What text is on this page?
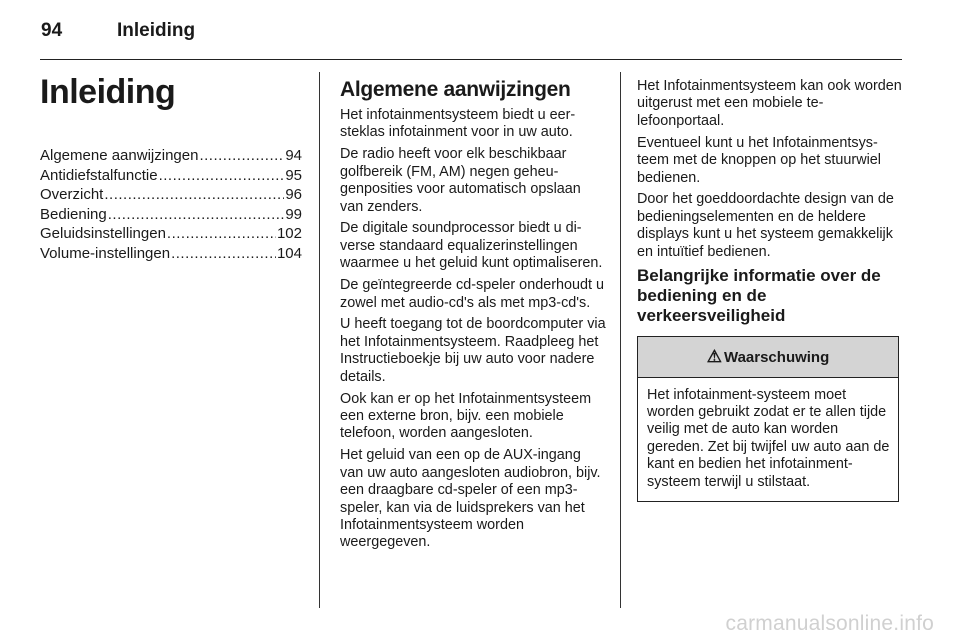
94	Inleiding
Inleiding
Algemene aanwijzingen .....	94
Antidiefstalfunctie .....	95
Overzicht .....	96
Bediening .....	99
Geluidsinstellingen .....	102
Volume-instellingen .....	104
Algemene aanwijzingen

Het infotainmentsysteem biedt u eersteklas infotainment voor in uw auto.

De radio heeft voor elk beschikbaar golfbereik (FM, AM) negen geheugenposities voor automatisch opslaan van zenders.

De digitale soundprocessor biedt u diverse standaard equalizerinstellingen waarmee u het geluid kunt optimaliseren.

De geïntegreerde cd-speler onderhoudt u zowel met audio-cd's als met mp3-cd's.

U heeft toegang tot de boordcomputer via het Infotainmentsysteem. Raadpleeg het Instructieboekje bij uw auto voor nadere details.

Ook kan er op het Infotainmentsysteem een externe bron, bijv. een mobiele telefoon, worden aangesloten.

Het geluid van een op de AUX-ingang van uw auto aangesloten audiobron, bijv. een draagbare cd-speler of een mp3-speler, kan via de luidsprekers van het Infotainmentsysteem worden weergegeven.

Het Infotainmentsysteem kan ook worden uitgerust met een mobiele telefoonportaal.

Eventueel kunt u het Infotainmentsysteem met de knoppen op het stuurwiel bedienen.

Door het goeddoordachte design van de bedieningselementen en de heldere displays kunt u het systeem gemakkelijk en intuïtief bedienen.

Belangrijke informatie over de bediening en de verkeersveiligheid
⚠ Waarschuwing

Het infotainment-systeem moet worden gebruikt zodat er te allen tijde veilig met de auto kan worden gereden. Zet bij twijfel uw auto aan de kant en bedien het infotainment-systeem terwijl u stilstaat.

carmanualsonline.info
